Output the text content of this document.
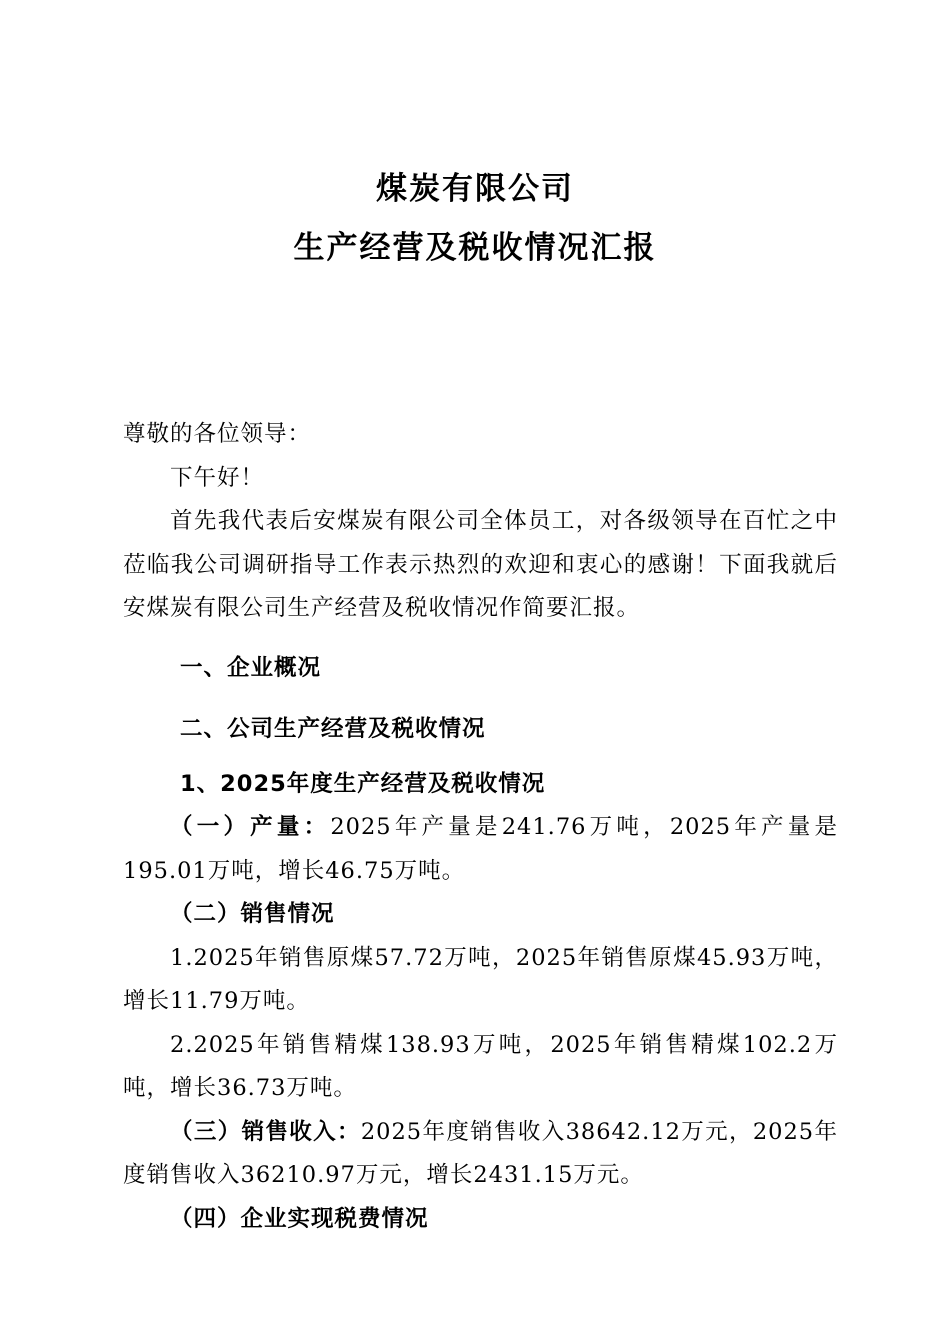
煤炭有限公司
生产经营及税收情况汇报

尊敬的各位领导：

下午好！

首先我代表后安煤炭有限公司全体员工，对各级领导在百忙之中莅临我公司调研指导工作表示热烈的欢迎和衷心的感谢！下面我就后安煤炭有限公司生产经营及税收情况作简要汇报。

一、企业概况

二、公司生产经营及税收情况

1、2025年度生产经营及税收情况

（一）产量：2025年产量是241.76万吨，2025年产量是195.01万吨，增长46.75万吨。

（二）销售情况

1.2025年销售原煤57.72万吨，2025年销售原煤45.93万吨，增长11.79万吨。

2.2025年销售精煤138.93万吨，2025年销售精煤102.2万吨，增长36.73万吨。

（三）销售收入：2025年度销售收入38642.12万元，2025年度销售收入36210.97万元，增长2431.15万元。

（四）企业实现税费情况
